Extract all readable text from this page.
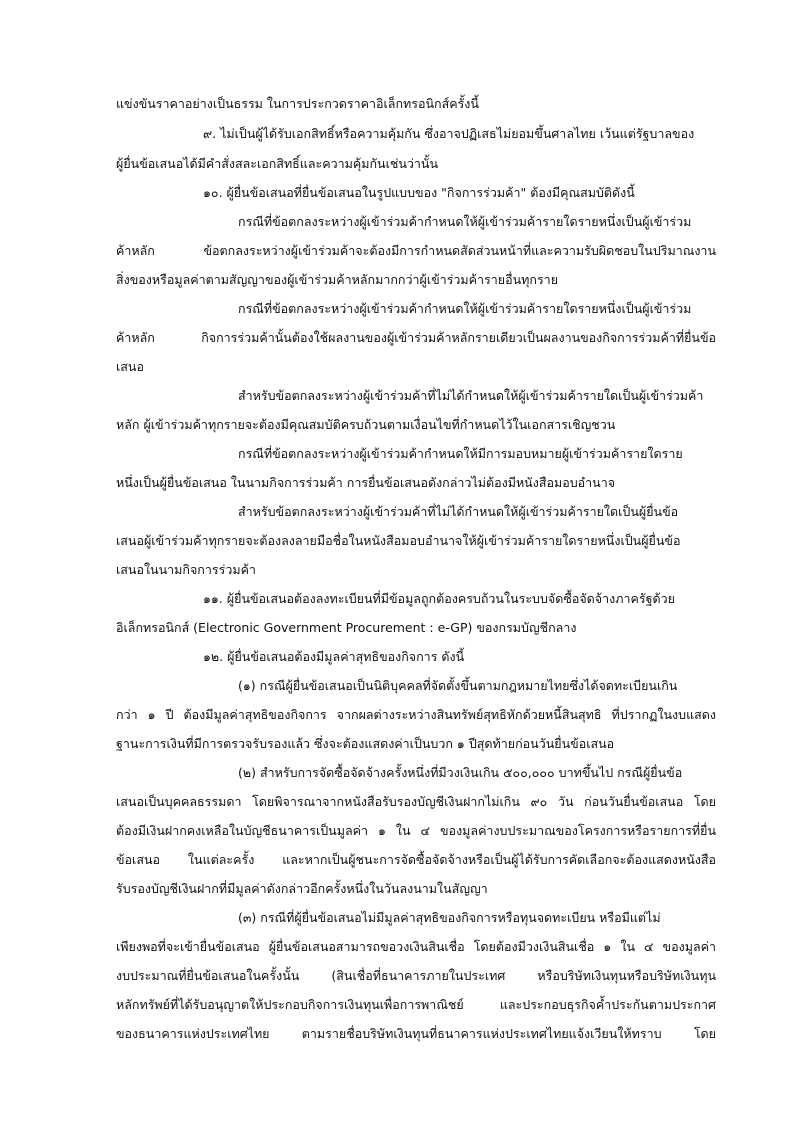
แข่งขันราคาอย่างเป็นธรรม ในการประกวดราคาอิเล็กทรอนิกส์ครั้งนี้
๙. ไม่เป็นผู้ได้รับเอกสิทธิ์หรือความคุ้มกัน ซึ่งอาจปฏิเสธไม่ยอมขึ้นศาลไทย เว้นแต่รัฐบาลของ
ผู้ยื่นข้อเสนอได้มีคำสั่งสละเอกสิทธิ์และความคุ้มกันเช่นว่านั้น
๑๐. ผู้ยื่นข้อเสนอที่ยื่นข้อเสนอในรูปแบบของ "กิจการร่วมค้า" ต้องมีคุณสมบัติดังนี้
กรณีที่ข้อตกลงระหว่างผู้เข้าร่วมค้ากำหนดให้ผู้เข้าร่วมค้ารายใดรายหนึ่งเป็นผู้เข้าร่วม
ค้าหลัก ข้อตกลงระหว่างผู้เข้าร่วมค้าจะต้องมีการกำหนดสัดส่วนหน้าที่และความรับผิดชอบในปริมาณงาน
สิ่งของหรือมูลค่าตามสัญญาของผู้เข้าร่วมค้าหลักมากกว่าผู้เข้าร่วมค้ารายอื่นทุกราย
กรณีที่ข้อตกลงระหว่างผู้เข้าร่วมค้ากำหนดให้ผู้เข้าร่วมค้ารายใดรายหนึ่งเป็นผู้เข้าร่วม
ค้าหลัก กิจการร่วมค้านั้นต้องใช้ผลงานของผู้เข้าร่วมค้าหลักรายเดียวเป็นผลงานของกิจการร่วมค้าที่ยื่นข้อ
เสนอ
สำหรับข้อตกลงระหว่างผู้เข้าร่วมค้าที่ไม่ได้กำหนดให้ผู้เข้าร่วมค้ารายใดเป็นผู้เข้าร่วมค้า
หลัก ผู้เข้าร่วมค้าทุกรายจะต้องมีคุณสมบัติครบถ้วนตามเงื่อนไขที่กำหนดไว้ในเอกสารเชิญชวน
กรณีที่ข้อตกลงระหว่างผู้เข้าร่วมค้ากำหนดให้มีการมอบหมายผู้เข้าร่วมค้ารายใดราย
หนึ่งเป็นผู้ยื่นข้อเสนอ ในนามกิจการร่วมค้า การยื่นข้อเสนอดังกล่าวไม่ต้องมีหนังสือมอบอำนาจ
สำหรับข้อตกลงระหว่างผู้เข้าร่วมค้าที่ไม่ได้กำหนดให้ผู้เข้าร่วมค้ารายใดเป็นผู้ยื่นข้อ
เสนอผู้เข้าร่วมค้าทุกรายจะต้องลงลายมือชื่อในหนังสือมอบอำนาจให้ผู้เข้าร่วมค้ารายใดรายหนึ่งเป็นผู้ยื่นข้อ
เสนอในนามกิจการร่วมค้า
๑๑. ผู้ยื่นข้อเสนอต้องลงทะเบียนที่มีข้อมูลถูกต้องครบถ้วนในระบบจัดซื้อจัดจ้างภาครัฐด้วย
อิเล็กทรอนิกส์ (Electronic Government Procurement : e-GP) ของกรมบัญชีกลาง
๑๒. ผู้ยื่นข้อเสนอต้องมีมูลค่าสุทธิของกิจการ ดังนี้
(๑) กรณีผู้ยื่นข้อเสนอเป็นนิติบุคคลที่จัดตั้งขึ้นตามกฎหมายไทยซึ่งได้จดทะเบียนเกิน
กว่า ๑ ปี ต้องมีมูลค่าสุทธิของกิจการ จากผลต่างระหว่างสินทรัพย์สุทธิหักด้วยหนี้สินสุทธิ ที่ปรากฏในงบแสดง
ฐานะการเงินที่มีการตรวจรับรองแล้ว ซึ่งจะต้องแสดงค่าเป็นบวก ๑ ปีสุดท้ายก่อนวันยื่นข้อเสนอ
(๒) สำหรับการจัดซื้อจัดจ้างครั้งหนึ่งที่มีวงเงินเกิน ๕๐๐,๐๐๐ บาทขึ้นไป กรณีผู้ยื่นข้อ
เสนอเป็นบุคคลธรรมดา โดยพิจารณาจากหนังสือรับรองบัญชีเงินฝากไม่เกิน ๙๐ วัน ก่อนวันยื่นข้อเสนอ โดย
ต้องมีเงินฝากคงเหลือในบัญชีธนาคารเป็นมูลค่า ๑ ใน ๔ ของมูลค่างบประมาณของโครงการหรือรายการที่ยื่น
ข้อเสนอ ในแต่ละครั้ง และหากเป็นผู้ชนะการจัดซื้อจัดจ้างหรือเป็นผู้ได้รับการคัดเลือกจะต้องแสดงหนังสือ
รับรองบัญชีเงินฝากที่มีมูลค่าดังกล่าวอีกครั้งหนึ่งในวันลงนามในสัญญา
(๓) กรณีที่ผู้ยื่นข้อเสนอไม่มีมูลค่าสุทธิของกิจการหรือทุนจดทะเบียน หรือมีแต่ไม่
เพียงพอที่จะเข้ายื่นข้อเสนอ ผู้ยื่นข้อเสนอสามารถขอวงเงินสินเชื่อ โดยต้องมีวงเงินสินเชื่อ ๑ ใน ๔ ของมูลค่า
งบประมาณที่ยื่นข้อเสนอในครั้งนั้น (สินเชื่อที่ธนาคารภายในประเทศ หรือบริษัทเงินทุนหรือบริษัทเงินทุน
หลักทรัพย์ที่ได้รับอนุญาตให้ประกอบกิจการเงินทุนเพื่อการพาณิชย์ และประกอบธุรกิจค้ำประกันตามประกาศ
ของธนาคารแห่งประเทศไทย ตามรายชื่อบริษัทเงินทุนที่ธนาคารแห่งประเทศไทยแจ้งเวียนให้ทราบ โดย
